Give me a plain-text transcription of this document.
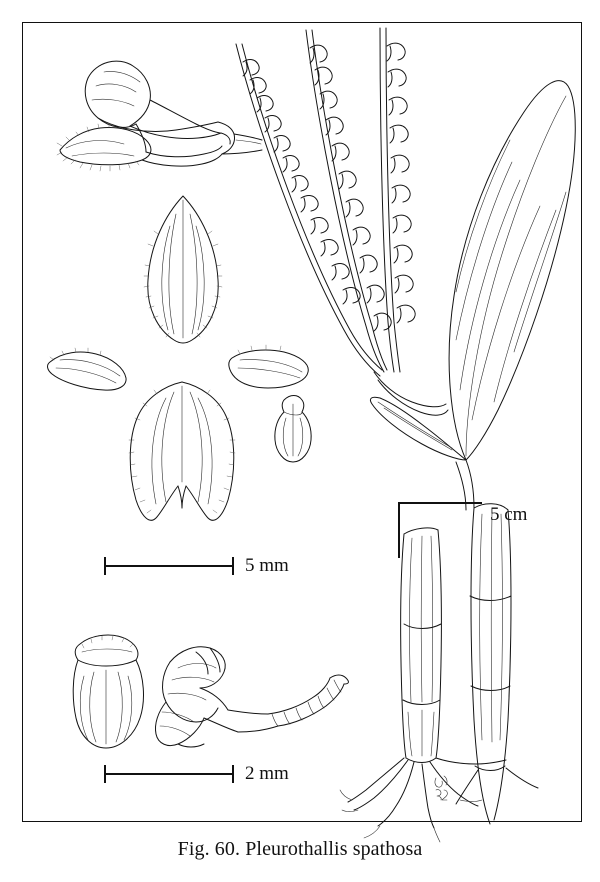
5 mm
2 mm
5 cm
Fig. 60. Pleurothallis spathosa
